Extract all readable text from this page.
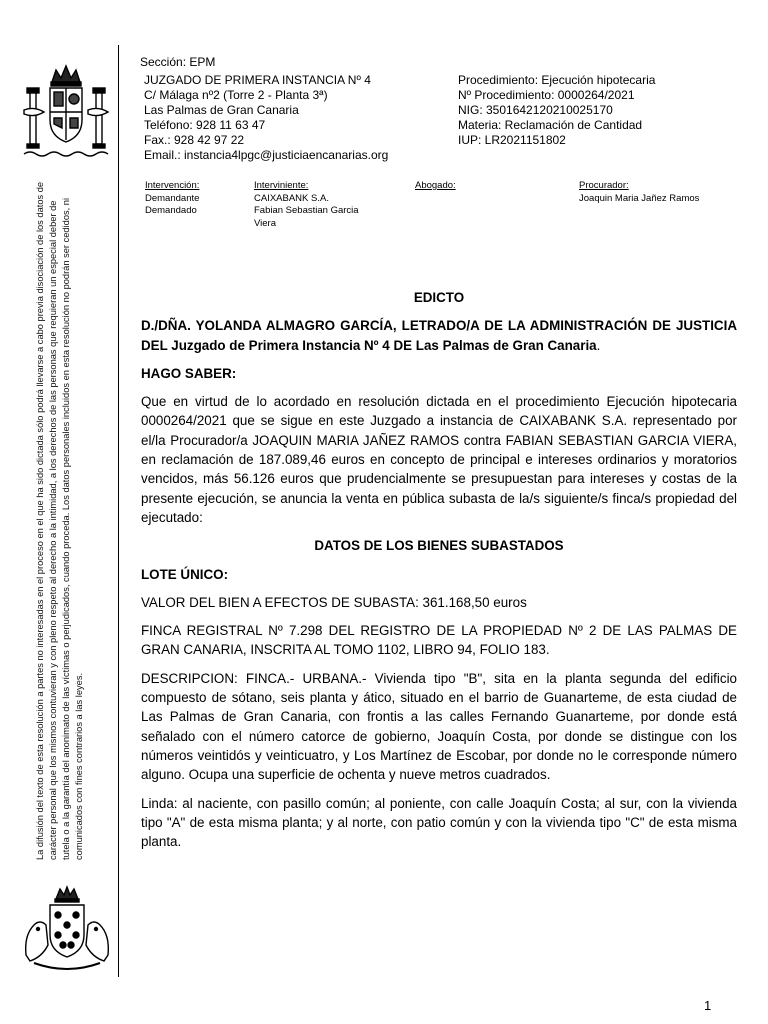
La difusión del texto de esta resolución a partes no interesadas en el proceso en el que ha sido dictada sólo podrá llevarse a cabo previa disociación de los datos de carácter personal que los mismos contuvieran y con pleno respeto al derecho a la intimidad, a los derechos de las personas que requieran un especial deber de tutela o a la garantía del anonimato de las víctimas o perjudicados, cuando proceda. Los datos personales incluidos en esta resolución no podrán ser cedidos, ni comunicados con fines contrarios a las leyes.
Sección: EPM
JUZGADO DE PRIMERA INSTANCIA Nº 4
C/ Málaga nº2 (Torre 2 - Planta 3ª)
Las Palmas de Gran Canaria
Teléfono: 928 11 63 47
Fax.: 928 42 97 22
Email.: instancia4lpgc@justiciaencanarias.org
Procedimiento: Ejecución hipotecaria
Nº Procedimiento: 0000264/2021
NIG: 3501642120210025170
Materia: Reclamación de Cantidad
IUP: LR2021151802
Intervención:
Demandante
Demandado
Interviniente:
CAIXABANK S.A.
Fabian Sebastian Garcia
Viera
Abogado:	Procurador:
Joaquin Maria Jañez Ramos

EDICTO

D./DÑA. YOLANDA ALMAGRO GARCÍA, LETRADO/A DE LA ADMINISTRACIÓN DE JUSTICIA DEL Juzgado de Primera Instancia Nº 4 DE Las Palmas de Gran Canaria.

HAGO SABER:

Que en virtud de lo acordado en resolución dictada en el procedimiento Ejecución hipotecaria 0000264/2021 que se sigue en este Juzgado a instancia de CAIXABANK S.A. representado por el/la Procurador/a JOAQUIN MARIA JAÑEZ RAMOS contra FABIAN SEBASTIAN GARCIA VIERA, en reclamación de 187.089,46 euros en concepto de principal e intereses ordinarios y moratorios vencidos, más 56.126 euros que prudencialmente se presupuestan para intereses y costas de la presente ejecución, se anuncia la venta en pública subasta de la/s siguiente/s finca/s propiedad del ejecutado:

DATOS DE LOS BIENES SUBASTADOS

LOTE ÚNICO:

VALOR DEL BIEN A EFECTOS DE SUBASTA: 361.168,50 euros

FINCA REGISTRAL Nº 7.298 DEL REGISTRO DE LA PROPIEDAD Nº 2 DE LAS PALMAS DE GRAN CANARIA, INSCRITA AL TOMO 1102, LIBRO 94, FOLIO 183.

DESCRIPCION: FINCA.- URBANA.- Vivienda tipo "B", sita en la planta segunda del edificio compuesto de sótano, seis planta y ático, situado en el barrio de Guanarteme, de esta ciudad de Las Palmas de Gran Canaria, con frontis a las calles Fernando Guanarteme, por donde está señalado con el número catorce de gobierno, Joaquín Costa, por donde se distingue con los números veintidós y veinticuatro, y Los Martínez de Escobar, por donde no le corresponde número alguno. Ocupa una superficie de ochenta y nueve metros cuadrados.

Linda: al naciente, con pasillo común; al poniente, con calle Joaquín Costa; al sur, con la vivienda tipo "A" de esta misma planta; y al norte, con patio común y con la vivienda tipo "C" de esta misma planta.

1
